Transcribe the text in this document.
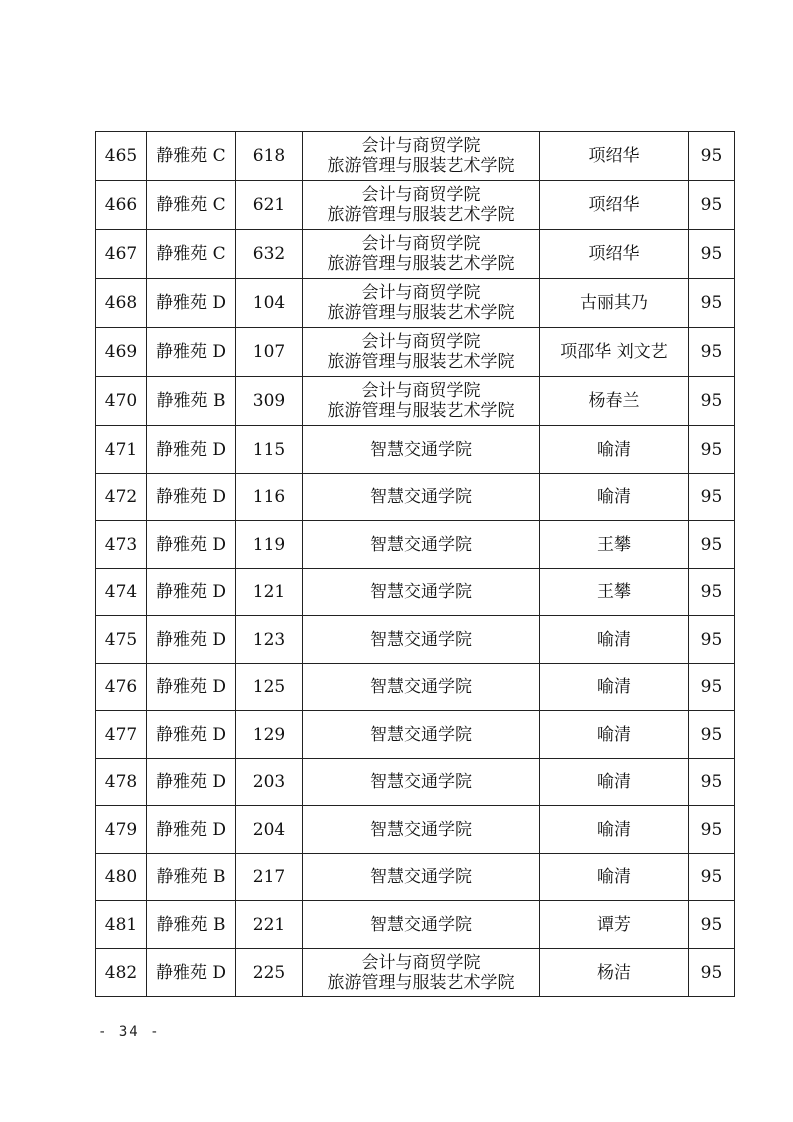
465	静雅苑 C	618	会计与商贸学院
旅游管理与服装艺术学院	项绍华	95
466	静雅苑 C	621	会计与商贸学院
旅游管理与服装艺术学院	项绍华	95
467	静雅苑 C	632	会计与商贸学院
旅游管理与服装艺术学院	项绍华	95
468	静雅苑 D	104	会计与商贸学院
旅游管理与服装艺术学院	古丽其乃	95
469	静雅苑 D	107	会计与商贸学院
旅游管理与服装艺术学院	项邵华 刘文艺	95
470	静雅苑 B	309	会计与商贸学院
旅游管理与服装艺术学院	杨春兰	95
471	静雅苑 D	115	智慧交通学院	喻清	95
472	静雅苑 D	116	智慧交通学院	喻清	95
473	静雅苑 D	119	智慧交通学院	王攀	95
474	静雅苑 D	121	智慧交通学院	王攀	95
475	静雅苑 D	123	智慧交通学院	喻清	95
476	静雅苑 D	125	智慧交通学院	喻清	95
477	静雅苑 D	129	智慧交通学院	喻清	95
478	静雅苑 D	203	智慧交通学院	喻清	95
479	静雅苑 D	204	智慧交通学院	喻清	95
480	静雅苑 B	217	智慧交通学院	喻清	95
481	静雅苑 B	221	智慧交通学院	谭芳	95
482	静雅苑 D	225	会计与商贸学院
旅游管理与服装艺术学院	杨洁	95
- 34 -
